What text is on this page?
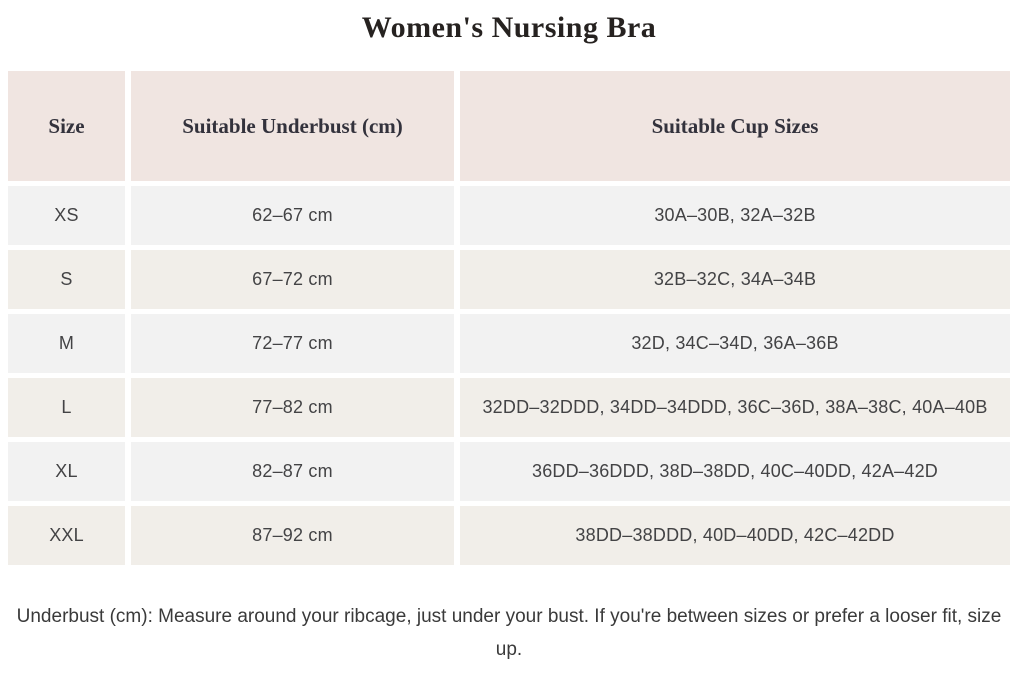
Women's Nursing Bra
Size	Suitable Underbust (cm)	Suitable Cup Sizes
XS	62–67 cm	30A–30B, 32A–32B
S	67–72 cm	32B–32C, 34A–34B
M	72–77 cm	32D, 34C–34D, 36A–36B
L	77–82 cm	32DD–32DDD, 34DD–34DDD, 36C–36D, 38A–38C, 40A–40B
XL	82–87 cm	36DD–36DDD, 38D–38DD, 40C–40DD, 42A–42D
XXL	87–92 cm	38DD–38DDD, 40D–40DD, 42C–42DD

Underbust (cm): Measure around your ribcage, just under your bust. If you're between sizes or prefer a looser fit, size up.
